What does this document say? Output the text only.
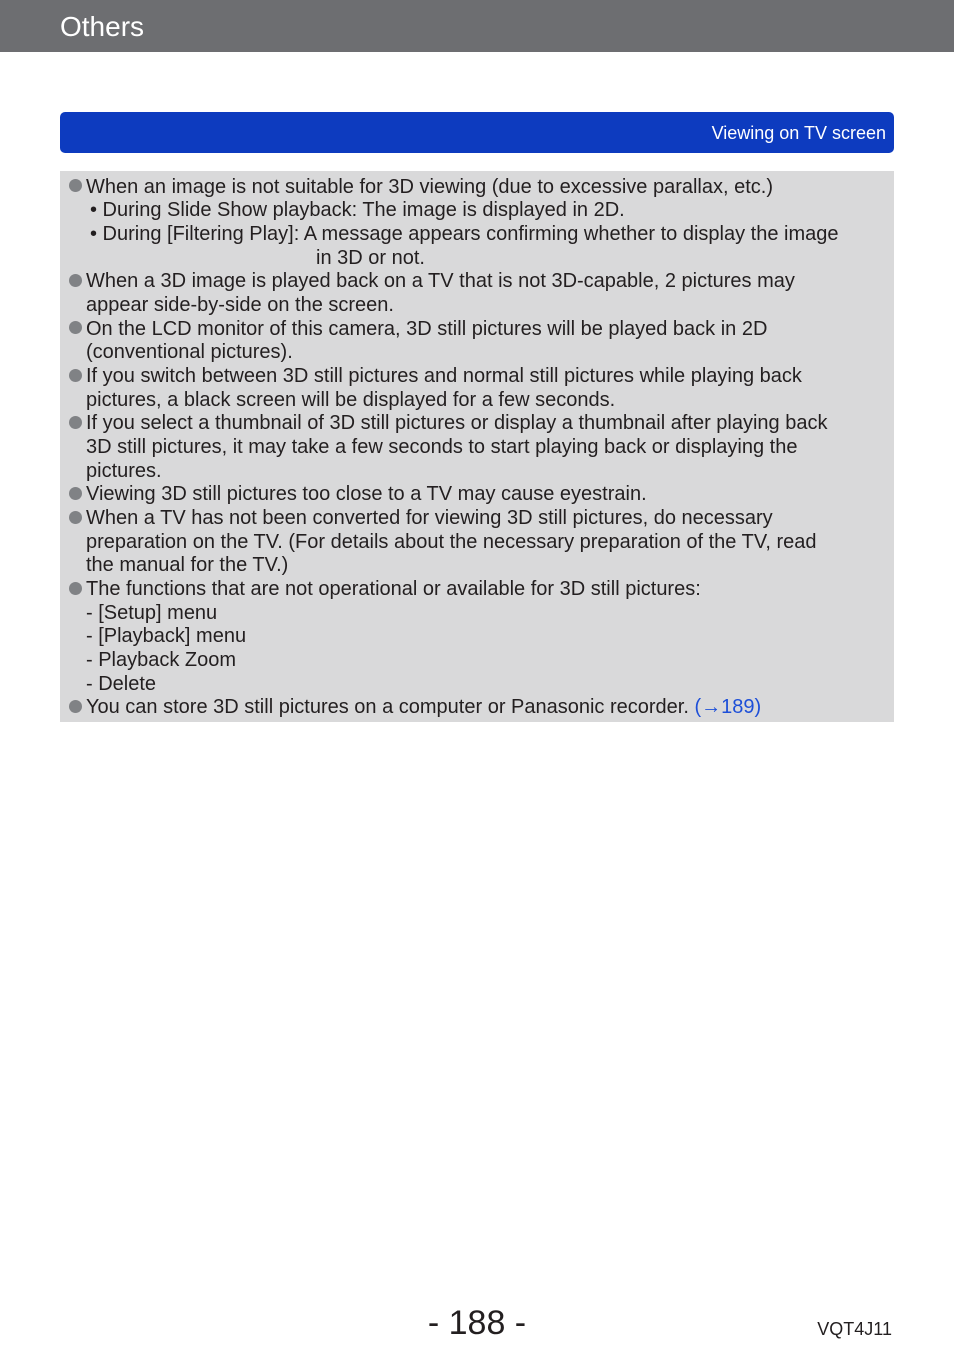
Others
Viewing on TV screen
When an image is not suitable for 3D viewing (due to excessive parallax, etc.)
• During Slide Show playback: The image is displayed in 2D.
• During [Filtering Play]: A message appears confirming whether to display the image
in 3D or not.
When a 3D image is played back on a TV that is not 3D-capable, 2 pictures may
appear side-by-side on the screen.
On the LCD monitor of this camera, 3D still pictures will be played back in 2D
(conventional pictures).
If you switch between 3D still pictures and normal still pictures while playing back
pictures, a black screen will be displayed for a few seconds.
If you select a thumbnail of 3D still pictures or display a thumbnail after playing back
3D still pictures, it may take a few seconds to start playing back or displaying the
pictures.
Viewing 3D still pictures too close to a TV may cause eyestrain.
When a TV has not been converted for viewing 3D still pictures, do necessary
preparation on the TV. (For details about the necessary preparation of the TV, read
the manual for the TV.)
The functions that are not operational or available for 3D still pictures:
- [Setup] menu
- [Playback] menu
- Playback Zoom
- Delete
You can store 3D still pictures on a computer or Panasonic recorder. (→189)
- 188 -	VQT4J11
